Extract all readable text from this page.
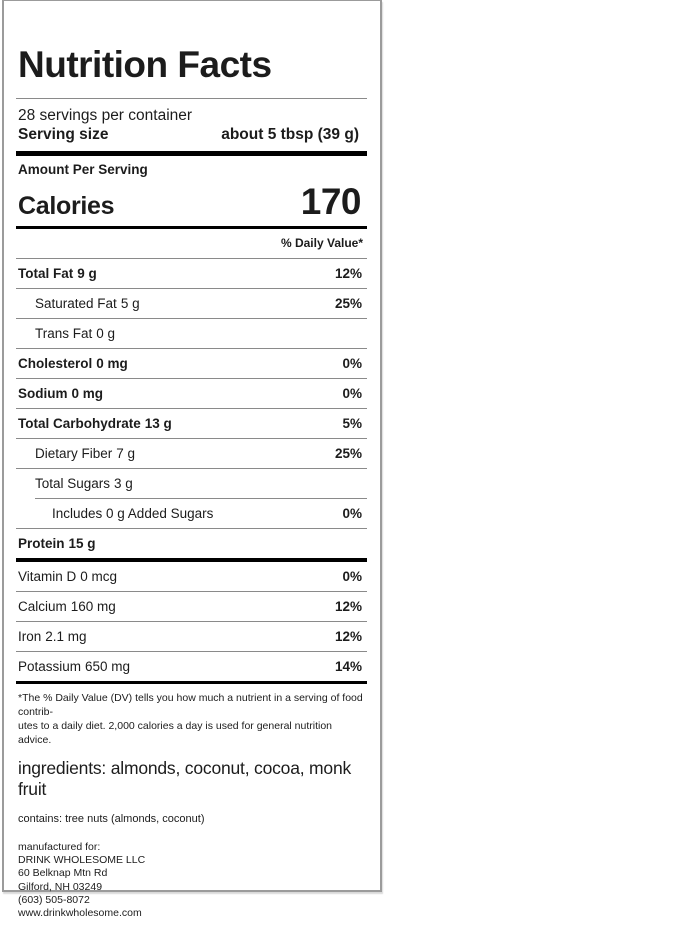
Nutrition Facts
28 servings per container
Serving size	about 5 tbsp (39 g)
Amount Per Serving
Calories	170
% Daily Value*
Total Fat 9 g	12%
Saturated Fat 5 g	25%
Trans Fat 0 g
Cholesterol 0 mg	0%
Sodium 0 mg	0%
Total Carbohydrate 13 g	5%
Dietary Fiber 7 g	25%
Total Sugars 3 g
Includes 0 g Added Sugars	0%
Protein 15 g
Vitamin D 0 mcg	0%
Calcium 160 mg	12%
Iron 2.1 mg	12%
Potassium 650 mg	14%
*The % Daily Value (DV) tells you how much a nutrient in a serving of food contrib-
utes to a daily diet. 2,000 calories a day is used for general nutrition advice.
ingredients: almonds, coconut, cocoa, monk fruit
contains: tree nuts (almonds, coconut)
manufactured for:
DRINK WHOLESOME LLC
60 Belknap Mtn Rd
Gilford, NH 03249
(603) 505-8072
www.drinkwholesome.com
